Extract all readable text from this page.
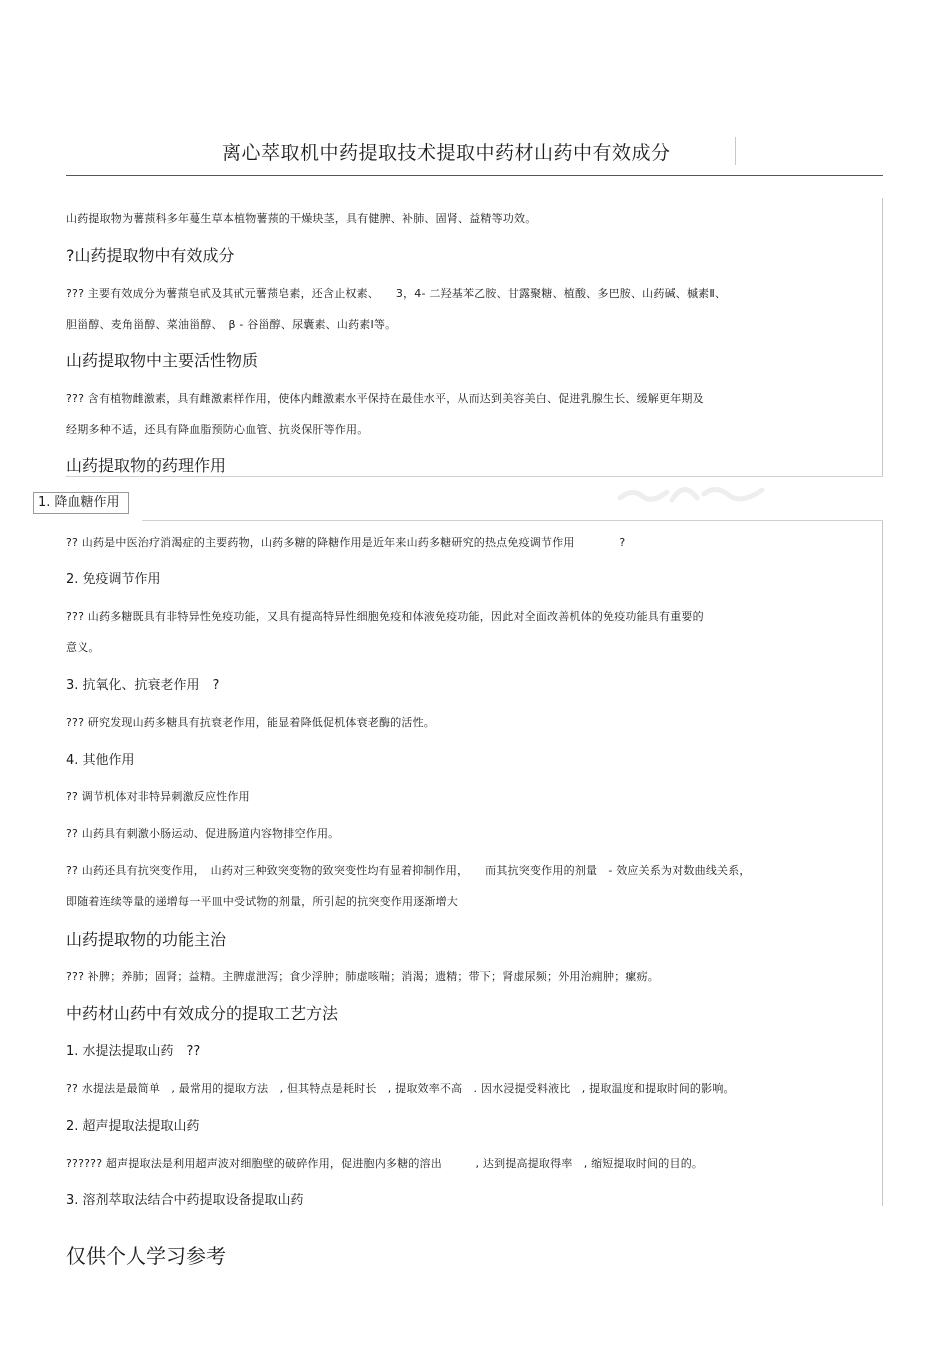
离心萃取机中药提取技术提取中药材山药中有效成分
山药提取物为薯蓣科多年蔓生草本植物薯蓣的干燥块茎，具有健脾、补肺、固肾、益精等功效。
?山药提取物中有效成分
??? 主要有效成分为薯蓣皂甙及其甙元薯蓣皂素，还含止权素、　　3，4- 二羟基苯乙胺、甘露聚糖、植酸、多巴胺、山药碱、槭素Ⅱ、
胆甾醇、麦角甾醇、菜油甾醇、　β - 谷甾醇、尿囊素、山药素Ⅰ等。
山药提取物中主要活性物质
??? 含有植物雌激素，具有雌激素样作用，使体内雌激素水平保持在最佳水平，从而达到美容美白、促进乳腺生长、缓解更年期及
经期多种不适，还具有降血脂预防心血管、抗炎保肝等作用。
山药提取物的药理作用
1. 降血糖作用
?? 山药是中医治疗消渴症的主要药物，山药多糖的降糖作用是近年来山药多糖研究的热点免疫调节作用　　　　?
2. 免疫调节作用
??? 山药多糖既具有非特异性免疫功能，又具有提高特异性细胞免疫和体液免疫功能，因此对全面改善机体的免疫功能具有重要的
意义。
3. 抗氧化、抗衰老作用　?
??? 研究发现山药多糖具有抗衰老作用，能显着降低促机体衰老酶的活性。
4. 其他作用
?? 调节机体对非特异刺激反应性作用
?? 山药具有刺激小肠运动、促进肠道内容物排空作用。
?? 山药还具有抗突变作用，　山药对三种致突变物的致突变性均有显着抑制作用，　　而其抗突变作用的剂量　- 效应关系为对数曲线关系，
即随着连续等量的递增每一平皿中受试物的剂量，所引起的抗突变作用逐渐增大
山药提取物的功能主治
??? 补脾；养肺；固肾；益精。主脾虚泄泻；食少浮肿；肺虚咳喘；消渴；遗精；带下；肾虚尿频；外用治痈肿；瘰疬。
中药材山药中有效成分的提取工艺方法
1. 水提法提取山药　??
?? 水提法是最简单　, 最常用的提取方法　, 但其特点是耗时长　, 提取效率不高　. 因水浸提受料液比　, 提取温度和提取时间的影响。
2. 超声提取法提取山药
?????? 超声提取法是利用超声波对细胞壁的破碎作用，促进胞内多糖的溶出　　　, 达到提高提取得率　, 缩短提取时间的目的。
3. 溶剂萃取法结合中药提取设备提取山药
仅供个人学习参考
